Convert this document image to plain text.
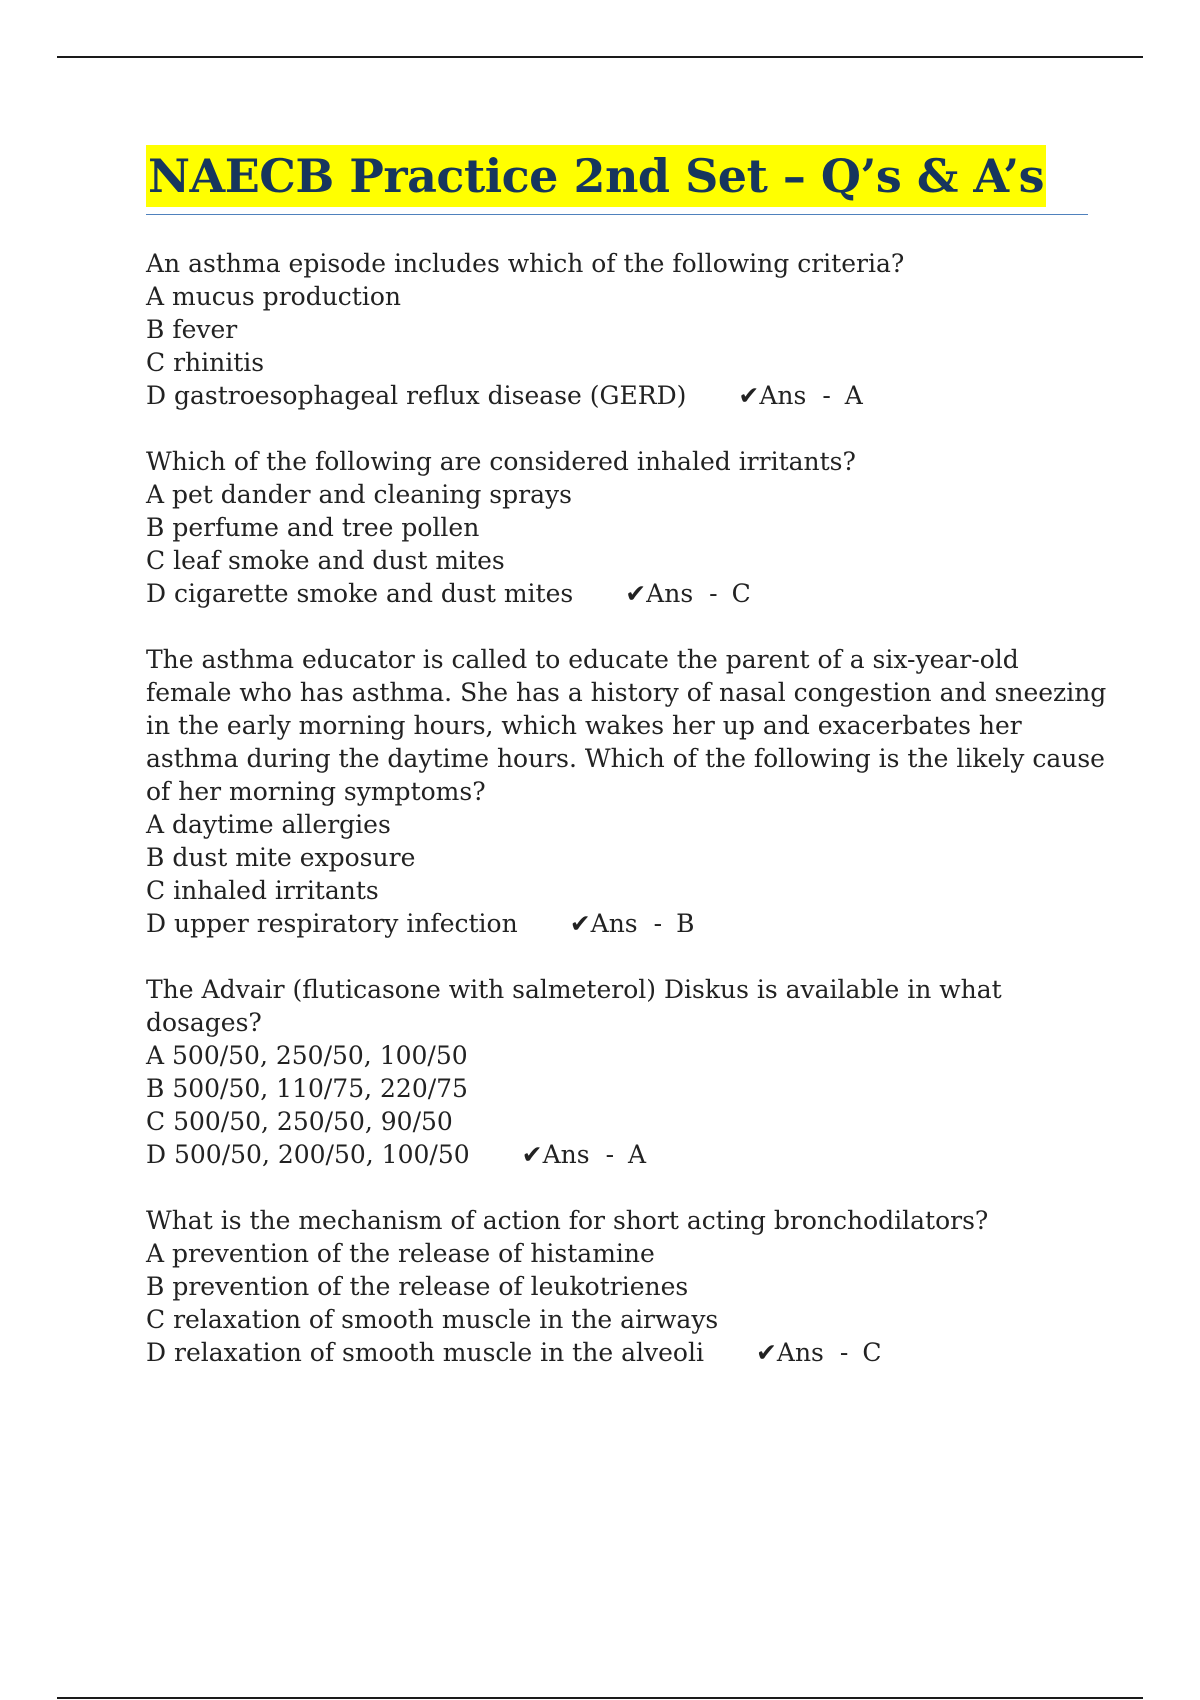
NAECB Practice 2nd Set – Q’s & A’s

An asthma episode includes which of the following criteria?

A mucus production

B fever

C rhinitis

D gastroesophageal reflux disease (GERD) ✔Ans - A

Which of the following are considered inhaled irritants?

A pet dander and cleaning sprays

B perfume and tree pollen

C leaf smoke and dust mites

D cigarette smoke and dust mites ✔Ans - C

The asthma educator is called to educate the parent of a six-year-old

female who has asthma. She has a history of nasal congestion and sneezing

in the early morning hours, which wakes her up and exacerbates her

asthma during the daytime hours. Which of the following is the likely cause

of her morning symptoms?

A daytime allergies

B dust mite exposure

C inhaled irritants

D upper respiratory infection ✔Ans - B

The Advair (fluticasone with salmeterol) Diskus is available in what

dosages?

A 500/50, 250/50, 100/50

B 500/50, 110/75, 220/75

C 500/50, 250/50, 90/50

D 500/50, 200/50, 100/50 ✔Ans - A

What is the mechanism of action for short acting bronchodilators?

A prevention of the release of histamine

B prevention of the release of leukotrienes

C relaxation of smooth muscle in the airways

D relaxation of smooth muscle in the alveoli ✔Ans - C
